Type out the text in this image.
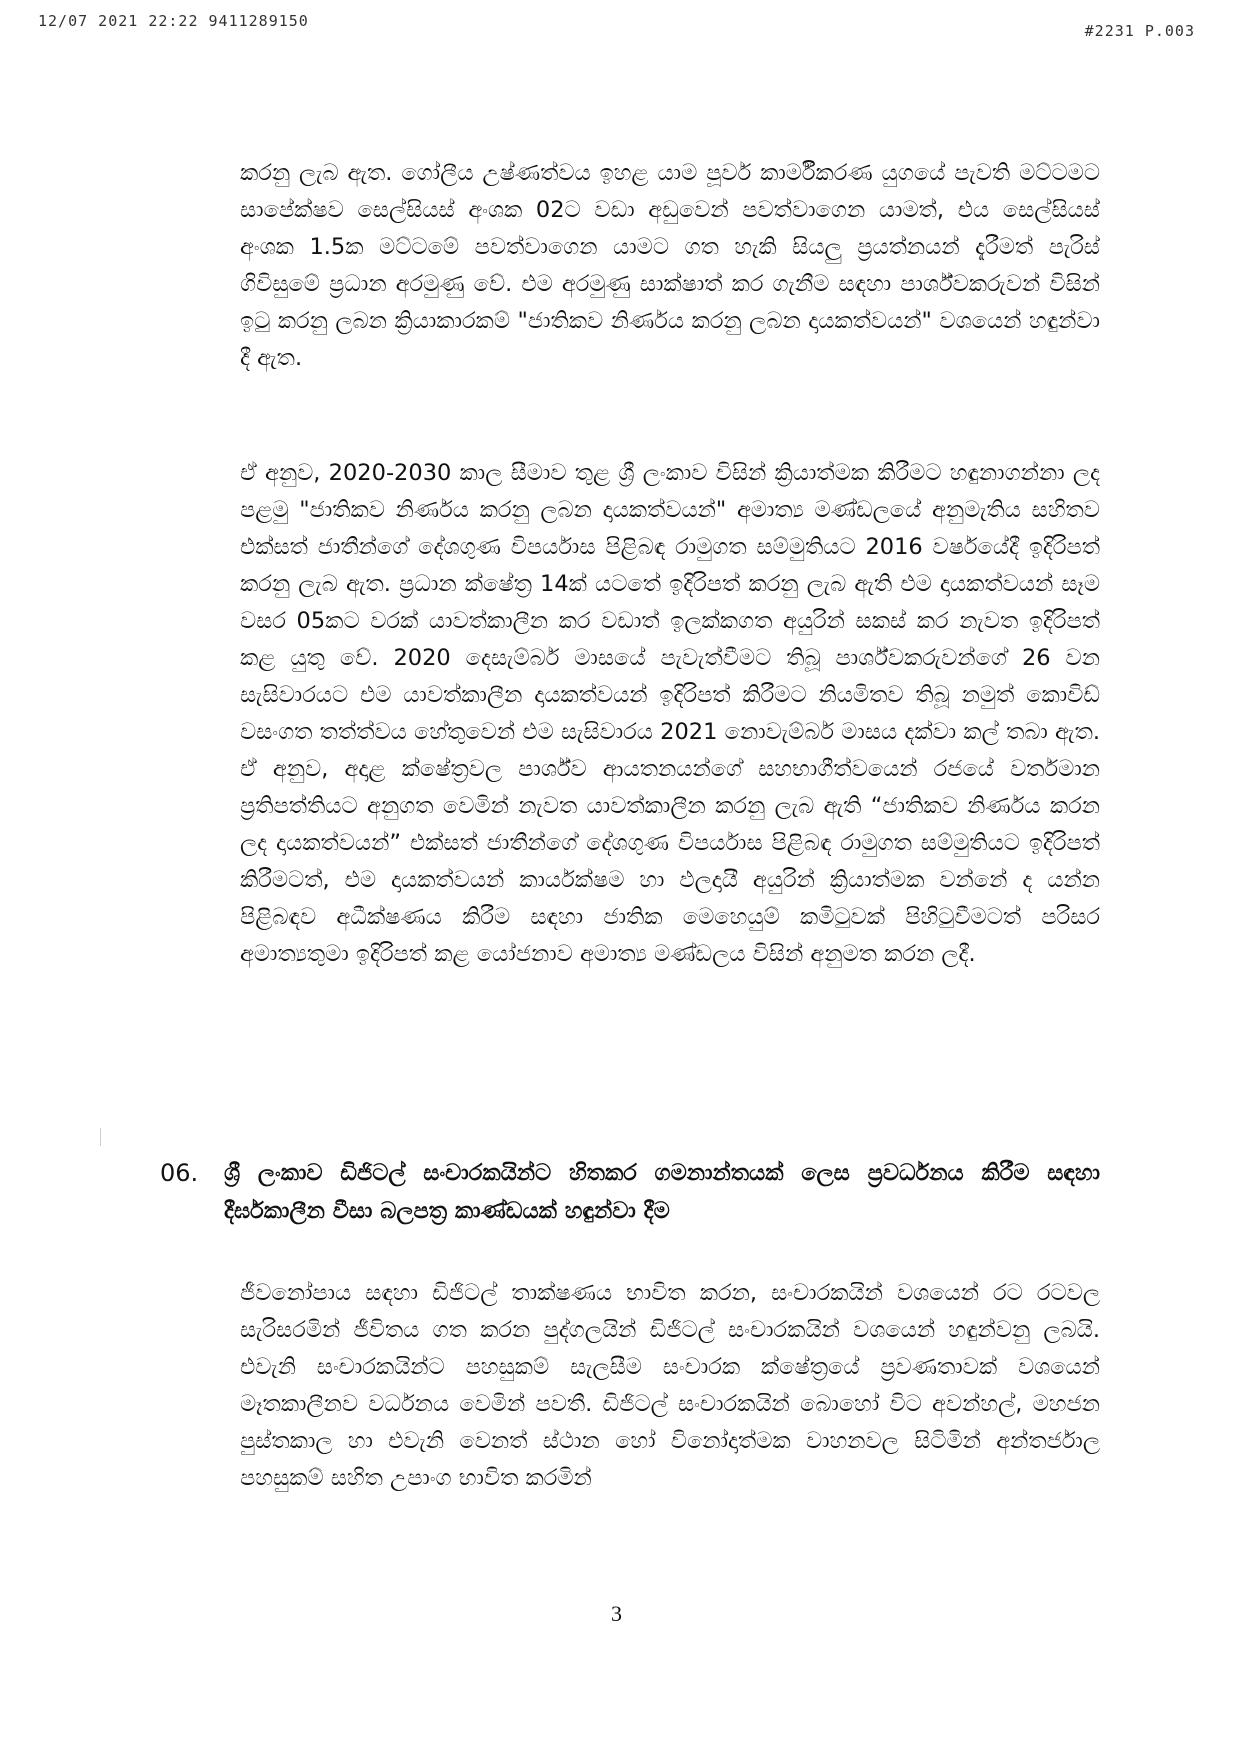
12/07 2021 22:22 9411289150
#2231 P.003

කරනු ලැබ ඇත. ගෝලීය උෂ්ණත්වය ඉහළ යාම පූර්ව කාර්මීකරණ යුගයේ පැවති මට්ටමට සාපේක්ෂව සෙල්සියස් අංශක 02ට වඩා අඩුවෙන් පවත්වාගෙන යාමත්, එය සෙල්සියස් අංශක 1.5ක මට්ටමේ පවත්වාගෙන යාමට ගත හැකි සියලු ප්‍රයත්නයන් දැරීමත් පැරිස් ගිවිසුමේ ප්‍රධාන අරමුණු වේ. එම අරමුණු සාක්ෂාත් කර ගැනීම සඳහා පාර්ශ්වකරුවන් විසින් ඉටු කරනු ලබන ක්‍රියාකාරකම් "ජාතිකව නිර්ණය කරනු ලබන දායකත්වයන්" වශයෙන් හඳුන්වා දී ඇත.

ඒ අනුව, 2020-2030 කාල සීමාව තුළ ශ්‍රී ලංකාව විසින් ක්‍රියාත්මක කිරීමට හඳුනාගන්නා ලද පළමු "ජාතිකව නිර්ණය කරනු ලබන දායකත්වයන්" අමාත්‍ය මණ්ඩලයේ අනුමැතිය සහිතව එක්සත් ජාතීන්ගේ දේශගුණ විපර්යාස පිළිබඳ රාමුගත සම්මුතියට 2016 වර්ෂයේදී ඉදිරිපත් කරනු ලැබ ඇත. ප්‍රධාන ක්ෂේත්‍ර 14ක් යටතේ ඉදිරිපත් කරනු ලැබ ඇති එම දායකත්වයන් සෑම වසර 05කට වරක් යාවත්කාලීන කර වඩාත් ඉලක්කගත අයුරින් සකස් කර නැවත ඉදිරිපත් කළ යුතු වේ. 2020 දෙසැම්බර් මාසයේ පැවැත්වීමට තිබූ පාර්ශ්වකරුවන්ගේ 26 වන සැසිවාරයට එම යාවත්කාලීන දායකත්වයන් ඉදිරිපත් කිරීමට නියමිතව තිබූ නමුත් කොවිඩ් වසංගත තත්ත්වය හේතුවෙන් එම සැසිවාරය 2021 නොවැම්බර් මාසය දක්වා කල් තබා ඇත. ඒ අනුව, අදාළ ක්ෂේත්‍රවල පාර්ශ්ව ආයතනයන්ගේ සහභාගීත්වයෙන් රජයේ වර්තමාන ප්‍රතිපත්තියට අනුගත වෙමින් නැවත යාවත්කාලීන කරනු ලැබ ඇති “ජාතිකව නිර්ණය කරන ලද දායකත්වයන්” එක්සත් ජාතීන්ගේ දේශගුණ විපර්යාස පිළිබඳ රාමුගත සම්මුතියට ඉදිරිපත් කිරීමටත්, එම දායකත්වයන් කාර්යක්ෂම හා ඵලදායී අයුරින් ක්‍රියාත්මක වන්නේ ද යන්න පිළිබඳව අධීක්ෂණය කිරීම සඳහා ජාතික මෙහෙයුම් කමිටුවක් පිහිටුවීමටත් පරිසර අමාත්‍යතුමා ඉදිරිපත් කළ යෝජනාව අමාත්‍ය මණ්ඩලය විසින් අනුමත කරන ලදී.

06. ශ්‍රී ලංකාව ඩිජිටල් සංචාරකයින්ට හිතකර ගමනාන්තයක් ලෙස ප්‍රවර්ධනය කිරීම සඳහා දීර්ඝකාලීන වීසා බලපත්‍ර කාණ්ඩයක් හඳුන්වා දීම

ජීවනෝපාය සඳහා ඩිජිටල් තාක්ෂණය භාවිත කරන, සංචාරකයින් වශයෙන් රට රටවල සැරිසරමින් ජීවිතය ගත කරන පුද්ගලයින් ඩිජිටල් සංචාරකයින් වශයෙන් හඳුන්වනු ලබයි. එවැනි සංචාරකයින්ට පහසුකම් සැලසීම සංචාරක ක්ෂේත්‍රයේ ප්‍රවණතාවක් වශයෙන් මෑතකාලීනව වර්ධනය වෙමින් පවතී. ඩිජිටල් සංචාරකයින් බොහෝ විට අවන්හල්, මහජන පුස්තකාල හා එවැනි වෙනත් ස්ථාන හෝ විනෝදාත්මක වාහනවල සිටිමින් අන්තර්ජාල පහසුකම් සහිත උපාංග භාවිත කරමින්

3
